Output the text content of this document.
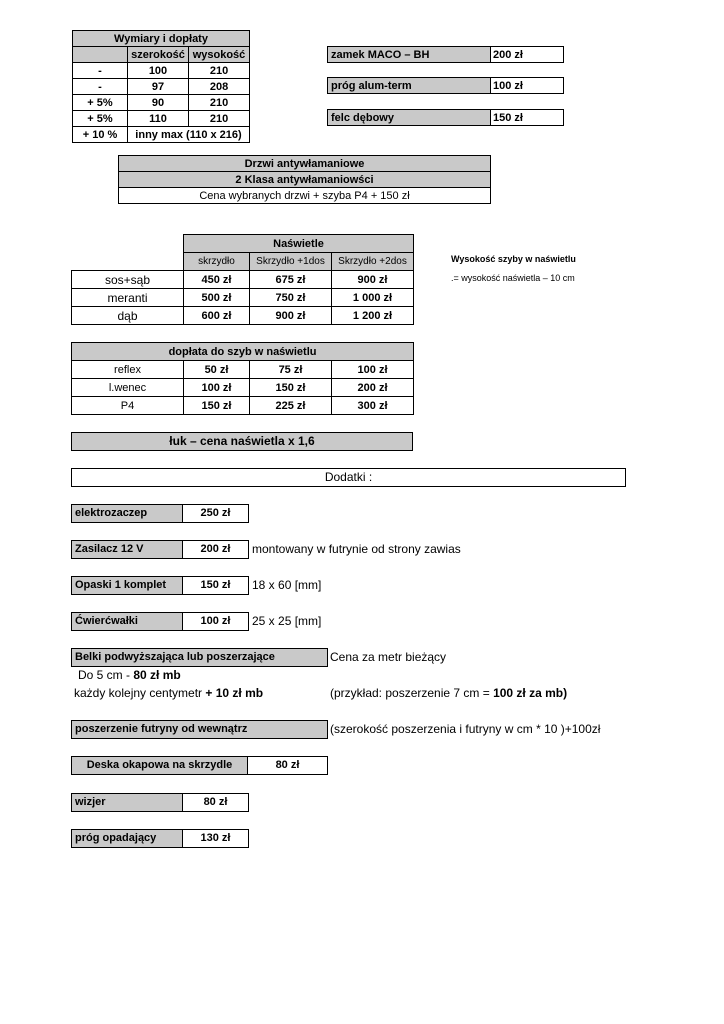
Wymiary i dopłaty		
	szerokość	wysokość
-	100	210
-	97	208
+ 5%	90	210
+ 5%	110	210
+ 10 %	inny max (110 x 216)	
zamek MACO – BH	200 zł
próg alum-term	100 zł
felc dębowy	150 zł
Drzwi antywłamaniowe
2 Klasa antywłamaniowści
Cena wybranych drzwi + szyba P4 + 150 zł
	Naświetle		
	skrzydło	Skrzydło +1dos	Skrzydło +2dos
sos+sąb	450 zł	675 zł	900 zł
meranti	500 zł	750 zł	1 000 zł
dąb	600 zł	900 zł	1 200 zł
Wysokość szyby w naświetlu
.= wysokość naświetla – 10 cm
dopłata do szyb w naświetlu			
reflex	50 zł	75 zł	100 zł
l.wenec	100 zł	150 zł	200 zł
P4	150 zł	225 zł	300 zł
łuk – cena naświetla x 1,6
Dodatki :
elektrozaczep	250 zł
Zasilacz 12 V	200 zł	montowany w futrynie od strony zawias
Opaski 1 komplet	150 zł	18 x 60 [mm]
Ćwierćwałki	100 zł	25 x 25 [mm]
Belki podwyższająca lub poszerzające	Cena za metr bieżący
Do 5 cm - 80 zł mb
każdy kolejny centymetr + 10 zł mb	(przykład: poszerzenie 7 cm = 100 zł za mb)
poszerzenie futryny od wewnątrz	(szerokość poszerzenia i futryny w cm * 10 )+100zł
Deska okapowa na skrzydle	80 zł
wizjer	80 zł
próg opadający	130 zł
